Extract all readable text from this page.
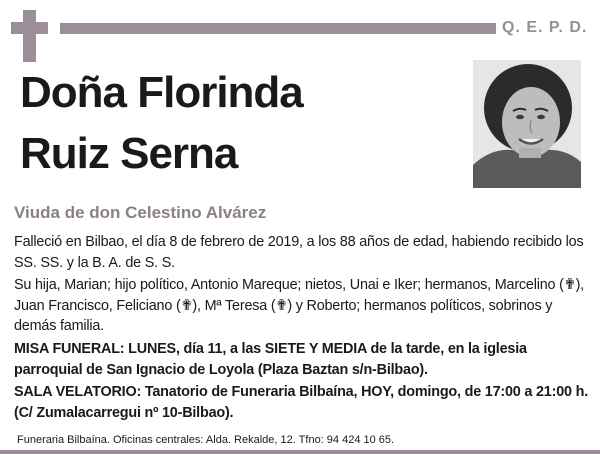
Q. E. P. D.
Doña Florinda
Ruiz Serna
Viuda de don Celestino Alvárez
Falleció en Bilbao, el día 8 de febrero de 2019, a los 88 años de edad, habiendo recibido los SS. SS. y la B. A. de S. S.
Su hija, Marian; hijo político, Antonio Mareque; nietos, Unai e Iker; hermanos, Marcelino (✟), Juan Francisco, Feliciano (✟), Mª Teresa (✟) y Roberto; hermanos políticos, sobrinos y demás familia.
MISA FUNERAL: LUNES, día 11, a las SIETE Y MEDIA de la tarde, en la iglesia parroquial de San Ignacio de Loyola (Plaza Baztan s/n-Bilbao).
SALA VELATORIO: Tanatorio de Funeraria Bilbaína, HOY, domingo, de 17:00 a 21:00 h. (C/ Zumalacarregui nº 10-Bilbao).
Funeraria Bilbaína. Oficinas centrales: Alda. Rekalde, 12. Tfno: 94 424 10 65.
